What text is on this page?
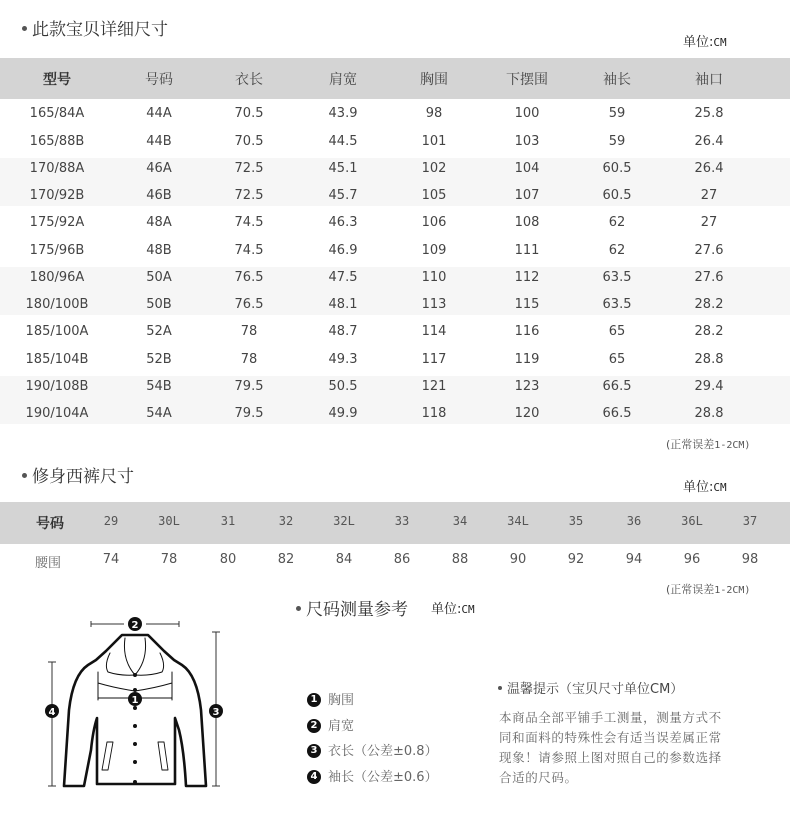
此款宝贝详细尺寸
单位:CM
型号	号码	衣长	肩宽	胸围	下摆围	袖长	袖口
165/84A	44A	70.5	43.9	98	100	59	25.8
165/88B	44B	70.5	44.5	101	103	59	26.4
170/88A	46A	72.5	45.1	102	104	60.5	26.4
170/92B	46B	72.5	45.7	105	107	60.5	27
175/92A	48A	74.5	46.3	106	108	62	27
175/96B	48B	74.5	46.9	109	111	62	27.6
180/96A	50A	76.5	47.5	110	112	63.5	27.6
180/100B	50B	76.5	48.1	113	115	63.5	28.2
185/100A	52A	78	48.7	114	116	65	28.2
185/104B	52B	78	49.3	117	119	65	28.8
190/108B	54B	79.5	50.5	121	123	66.5	29.4
190/104A	54A	79.5	49.9	118	120	66.5	28.8
(正常误差1-2CM)
修身西裤尺寸
单位:CM
号码	29	30L	31	32	32L	33	34	34L	35	36	36L	37
腰围	74	78	80	82	84	86	88	90	92	94	96	98
(正常误差1-2CM)
尺码测量参考 单位:CM
2
1
3
4
1 胸围
2 肩宽
3 衣长（公差±0.8）
4 袖长（公差±0.6）
温馨提示（宝贝尺寸单位CM）
本商品全部平铺手工测量，测量方式不同和面料的特殊性会有适当误差属正常现象！请参照上图对照自己的参数选择合适的尺码。
